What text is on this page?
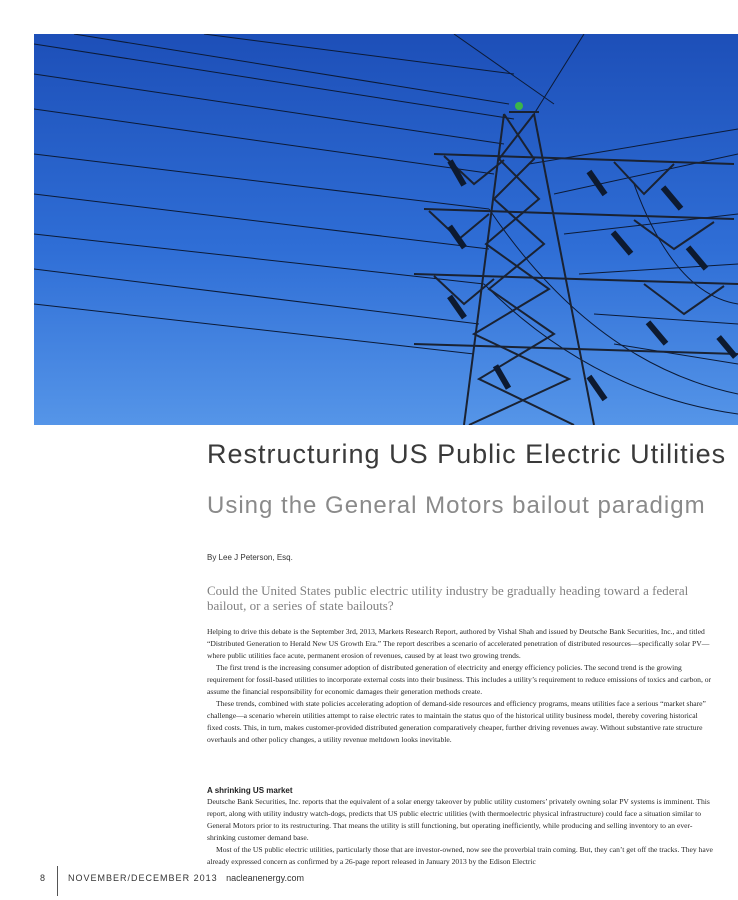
Restructuring US Public Electric Utilities
Using the General Motors bailout paradigm
By Lee J Peterson, Esq.
Could the United States public electric utility industry be gradually heading toward a federal bailout, or a series of state bailouts?

Helping to drive this debate is the September 3rd, 2013, Markets Research Report, authored by Vishal Shah and issued by Deutsche Bank Securities, Inc., and titled “Distributed Generation to Herald New US Growth Era.” The report describes a scenario of accelerated penetration of distributed resources—specifically solar PV—where public utilities face acute, permanent erosion of revenues, caused by at least two growing trends.

The first trend is the increasing consumer adoption of distributed generation of electricity and energy efficiency policies. The second trend is the growing requirement for fossil-based utilities to incorporate external costs into their business. This includes a utility’s requirement to reduce emissions of toxics and carbon, or assume the financial responsibility for economic damages their generation methods create.

These trends, combined with state policies accelerating adoption of demand-side resources and efficiency programs, means utilities face a serious “market share” challenge—a scenario wherein utilities attempt to raise electric rates to maintain the status quo of the historical utility business model, thereby covering historical fixed costs. This, in turn, makes customer-provided distributed generation comparatively cheaper, further driving revenues away. Without substantive rate structure overhauls and other policy changes, a utility revenue meltdown looks inevitable.

A shrinking US market

Deutsche Bank Securities, Inc. reports that the equivalent of a solar energy takeover by public utility customers’ privately owning solar PV systems is imminent. This report, along with utility industry watch-dogs, predicts that US public electric utilities (with thermoelectric physical infrastructure) could face a situation similar to General Motors prior to its restructuring. That means the utility is still functioning, but operating inefficiently, while producing and selling inventory to an ever-shrinking customer demand base.

Most of the US public electric utilities, particularly those that are investor-owned, now see the proverbial train coming. But, they can’t get off the tracks. They have already expressed concern as confirmed by a 26-page report released in January 2013 by the Edison Electric

8	NOVEMBER/DECEMBER 2013 nacleanenergy.com
